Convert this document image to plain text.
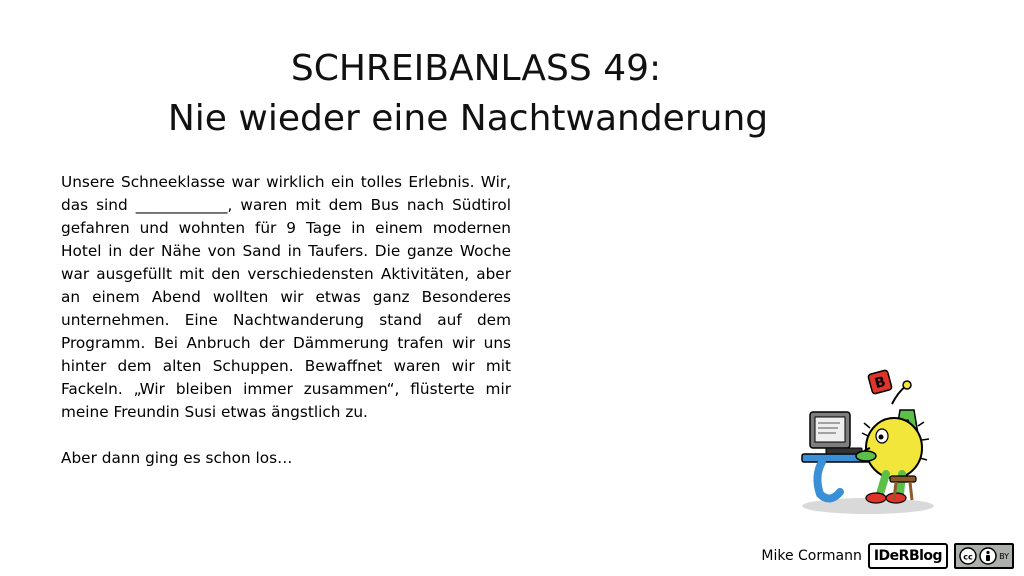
SCHREIBANLASS 49:
Nie wieder eine Nachtwanderung

Unsere Schneeklasse war wirklich ein tolles Erlebnis. Wir, das sind ____________, waren mit dem Bus nach Südtirol gefahren und wohnten für 9 Tage in einem modernen Hotel in der Nähe von Sand in Taufers. Die ganze Woche war ausgefüllt mit den verschiedensten Aktivitäten, aber an einem Abend wollten wir etwas ganz Besonderes unternehmen. Eine Nachtwanderung stand auf dem Programm. Bei Anbruch der Dämmerung trafen wir uns hinter dem alten Schuppen. Bewaffnet waren wir mit Fackeln. „Wir bleiben immer zusammen“, flüsterte mir meine Freundin Susi etwas ängstlich zu.

Aber dann ging es schon los…

B
Mike Cormann IDeRBlog	cc	BY
